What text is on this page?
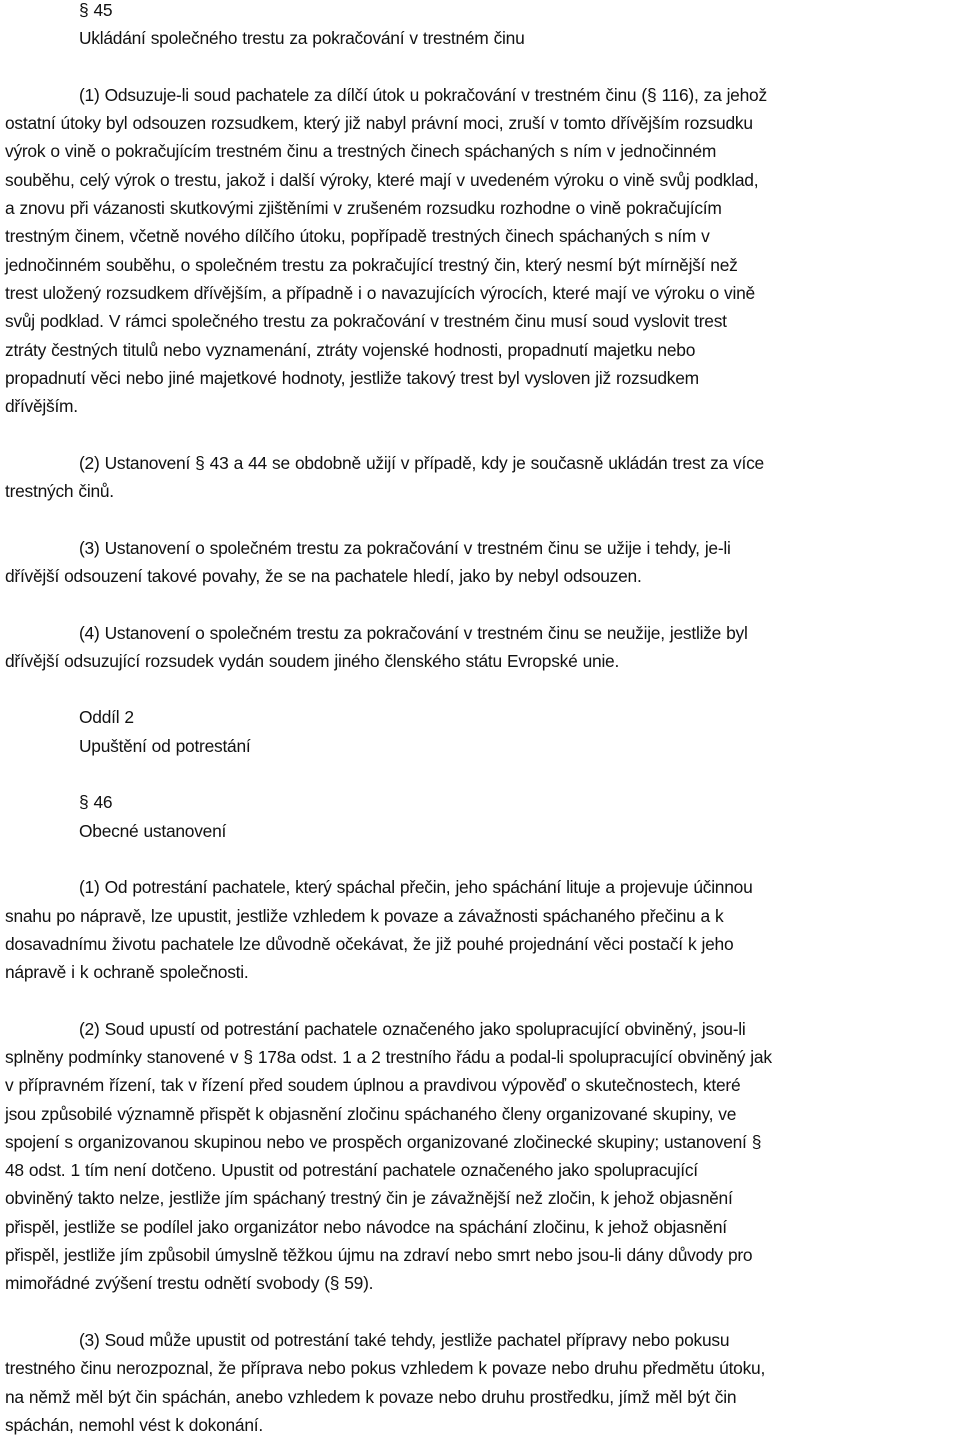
§ 45
Ukládání společného trestu za pokračování v trestném činu
(1) Odsuzuje-li soud pachatele za dílčí útok u pokračování v trestném činu (§ 116), za jehož
ostatní útoky byl odsouzen rozsudkem, který již nabyl právní moci, zruší v tomto dřívějším rozsudku
výrok o vině o pokračujícím trestném činu a trestných činech spáchaných s ním v jednočinném
souběhu, celý výrok o trestu, jakož i další výroky, které mají v uvedeném výroku o vině svůj podklad,
a znovu při vázanosti skutkovými zjištěními v zrušeném rozsudku rozhodne o vině pokračujícím
trestným činem, včetně nového dílčího útoku, popřípadě trestných činech spáchaných s ním v
jednočinném souběhu, o společném trestu za pokračující trestný čin, který nesmí být mírnější než
trest uložený rozsudkem dřívějším, a případně i o navazujících výrocích, které mají ve výroku o vině
svůj podklad. V rámci společného trestu za pokračování v trestném činu musí soud vyslovit trest
ztráty čestných titulů nebo vyznamenání, ztráty vojenské hodnosti, propadnutí majetku nebo
propadnutí věci nebo jiné majetkové hodnoty, jestliže takový trest byl vysloven již rozsudkem
dřívějším.
(2) Ustanovení § 43 a 44 se obdobně užijí v případě, kdy je současně ukládán trest za více
trestných činů.
(3) Ustanovení o společném trestu za pokračování v trestném činu se užije i tehdy, je-li
dřívější odsouzení takové povahy, že se na pachatele hledí, jako by nebyl odsouzen.
(4) Ustanovení o společném trestu za pokračování v trestném činu se neužije, jestliže byl
dřívější odsuzující rozsudek vydán soudem jiného členského státu Evropské unie.
Oddíl 2
Upuštění od potrestání
§ 46
Obecné ustanovení
(1) Od potrestání pachatele, který spáchal přečin, jeho spáchání lituje a projevuje účinnou
snahu po nápravě, lze upustit, jestliže vzhledem k povaze a závažnosti spáchaného přečinu a k
dosavadnímu životu pachatele lze důvodně očekávat, že již pouhé projednání věci postačí k jeho
nápravě i k ochraně společnosti.
(2) Soud upustí od potrestání pachatele označeného jako spolupracující obviněný, jsou-li
splněny podmínky stanovené v § 178a odst. 1 a 2 trestního řádu a podal-li spolupracující obviněný jak
v přípravném řízení, tak v řízení před soudem úplnou a pravdivou výpověď o skutečnostech, které
jsou způsobilé významně přispět k objasnění zločinu spáchaného členy organizované skupiny, ve
spojení s organizovanou skupinou nebo ve prospěch organizované zločinecké skupiny; ustanovení §
48 odst. 1 tím není dotčeno. Upustit od potrestání pachatele označeného jako spolupracující
obviněný takto nelze, jestliže jím spáchaný trestný čin je závažnější než zločin, k jehož objasnění
přispěl, jestliže se podílel jako organizátor nebo návodce na spáchání zločinu, k jehož objasnění
přispěl, jestliže jím způsobil úmyslně těžkou újmu na zdraví nebo smrt nebo jsou-li dány důvody pro
mimořádné zvýšení trestu odnětí svobody (§ 59).
(3) Soud může upustit od potrestání také tehdy, jestliže pachatel přípravy nebo pokusu
trestného činu nerozpoznal, že příprava nebo pokus vzhledem k povaze nebo druhu předmětu útoku,
na němž měl být čin spáchán, anebo vzhledem k povaze nebo druhu prostředku, jímž měl být čin
spáchán, nemohl vést k dokonání.
